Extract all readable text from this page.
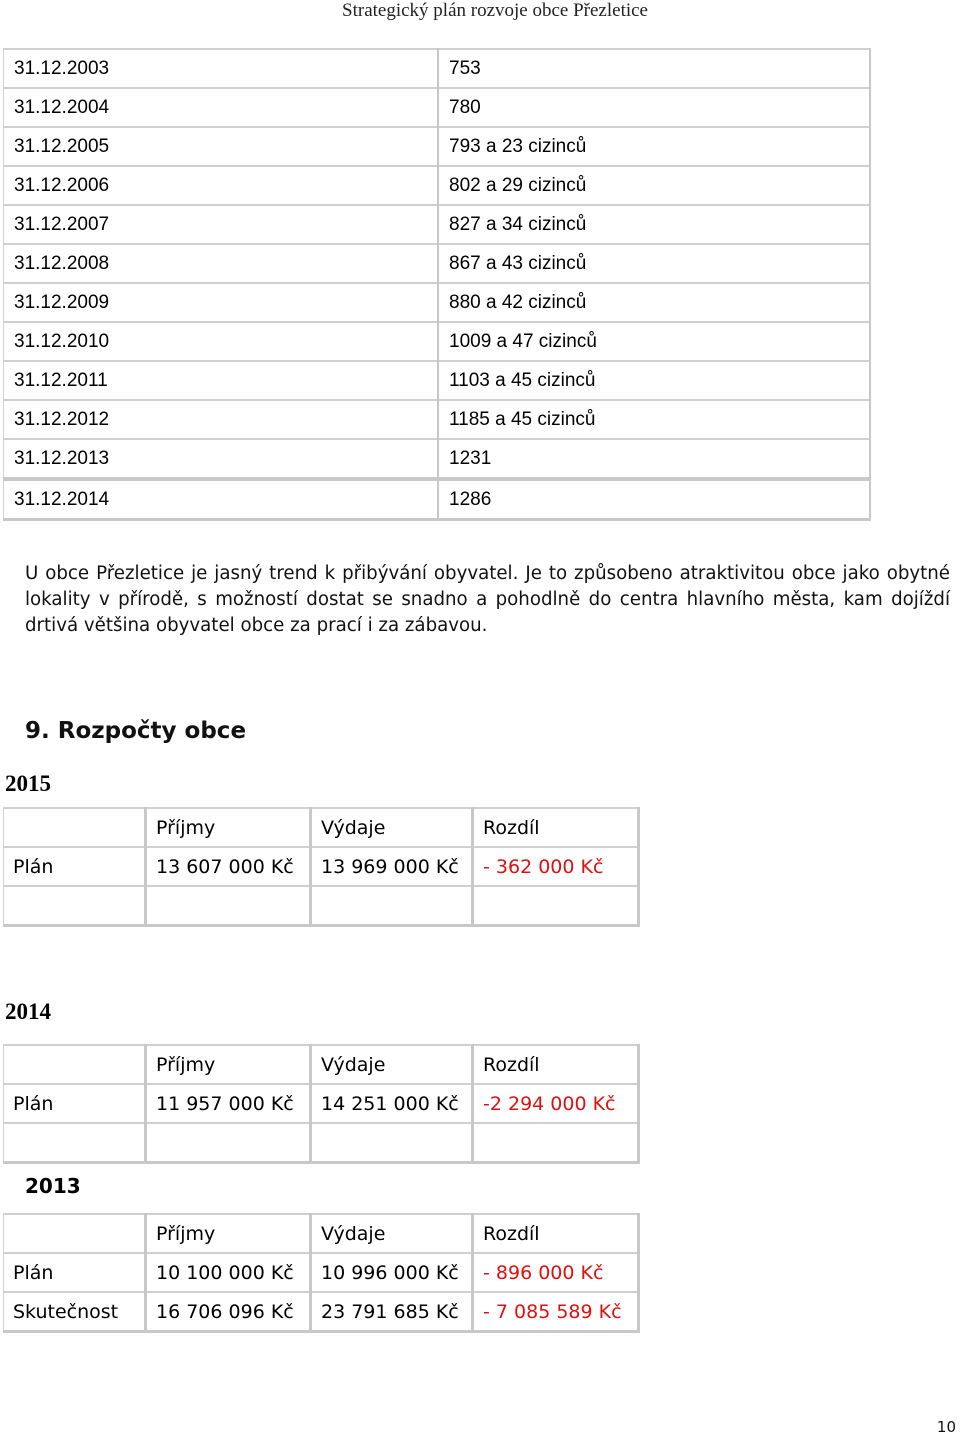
Strategický plán rozvoje obce Přezletice
31.12.2003	753
31.12.2004	780
31.12.2005	793 a 23 cizinců
31.12.2006	802 a 29 cizinců
31.12.2007	827 a 34 cizinců
31.12.2008	867 a 43 cizinců
31.12.2009	880 a 42 cizinců
31.12.2010	1009 a 47 cizinců
31.12.2011	1103 a 45 cizinců
31.12.2012	1185 a 45 cizinců
31.12.2013	1231
31.12.2014	1286

U obce Přezletice je jasný trend k přibývání obyvatel. Je to způsobeno atraktivitou obce jako obytné lokality v přírodě, s možností dostat se snadno a pohodlně do centra hlavního města, kam dojíždí drtivá většina obyvatel obce za prací i za zábavou.

9. Rozpočty obce
2015
	Příjmy	Výdaje	Rozdíl
Plán	13 607 000 Kč	13 969 000 Kč	- 362 000 Kč

2014
	Příjmy	Výdaje	Rozdíl
Plán	11 957 000 Kč	14 251 000 Kč	-2 294 000 Kč

2013
	Příjmy	Výdaje	Rozdíl
Plán	10 100 000 Kč	10 996 000 Kč	- 896 000 Kč
Skutečnost	16 706 096 Kč	23 791 685 Kč	- 7 085 589 Kč
10
